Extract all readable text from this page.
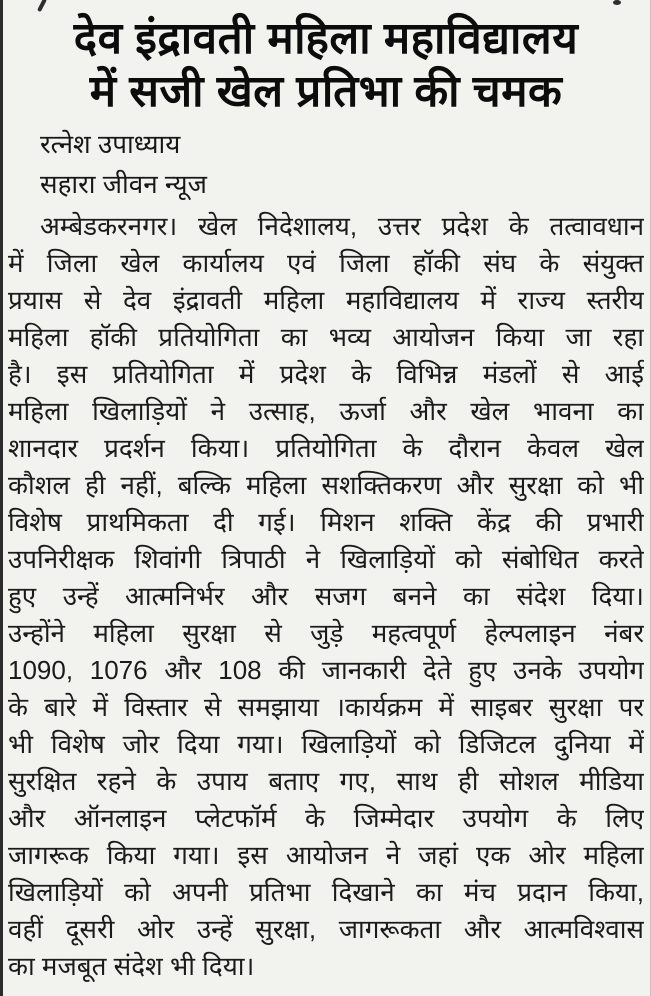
देव इंद्रावती महिला महाविद्यालय
में सजी खेल प्रतिभा की चमक
रत्नेश उपाध्याय
सहारा जीवन न्यूज
अम्बेडकरनगर। खेल निदेशालय, उत्तर प्रदेश के तत्वावधान
में जिला खेल कार्यालय एवं जिला हॉकी संघ के संयुक्त
प्रयास से देव इंद्रावती महिला महाविद्यालय में राज्य स्तरीय
महिला हॉकी प्रतियोगिता का भव्य आयोजन किया जा रहा
है। इस प्रतियोगिता में प्रदेश के विभिन्न मंडलों से आई
महिला खिलाड़ियों ने उत्साह, ऊर्जा और खेल भावना का
शानदार प्रदर्शन किया। प्रतियोगिता के दौरान केवल खेल
कौशल ही नहीं, बल्कि महिला सशक्तिकरण और सुरक्षा को भी
विशेष प्राथमिकता दी गई। मिशन शक्ति केंद्र की प्रभारी
उपनिरीक्षक शिवांगी त्रिपाठी ने खिलाड़ियों को संबोधित करते
हुए उन्हें आत्मनिर्भर और सजग बनने का संदेश दिया।
उन्होंने महिला सुरक्षा से जुड़े महत्वपूर्ण हेल्पलाइन नंबर
1090, 1076 और 108 की जानकारी देते हुए उनके उपयोग
के बारे में विस्तार से समझाया ।कार्यक्रम में साइबर सुरक्षा पर
भी विशेष जोर दिया गया। खिलाड़ियों को डिजिटल दुनिया में
सुरक्षित रहने के उपाय बताए गए, साथ ही सोशल मीडिया
और ऑनलाइन प्लेटफॉर्म के जिम्मेदार उपयोग के लिए
जागरूक किया गया। इस आयोजन ने जहां एक ओर महिला
खिलाड़ियों को अपनी प्रतिभा दिखाने का मंच प्रदान किया,
वहीं दूसरी ओर उन्हें सुरक्षा, जागरूकता और आत्मविश्वास
का मजबूत संदेश भी दिया।
